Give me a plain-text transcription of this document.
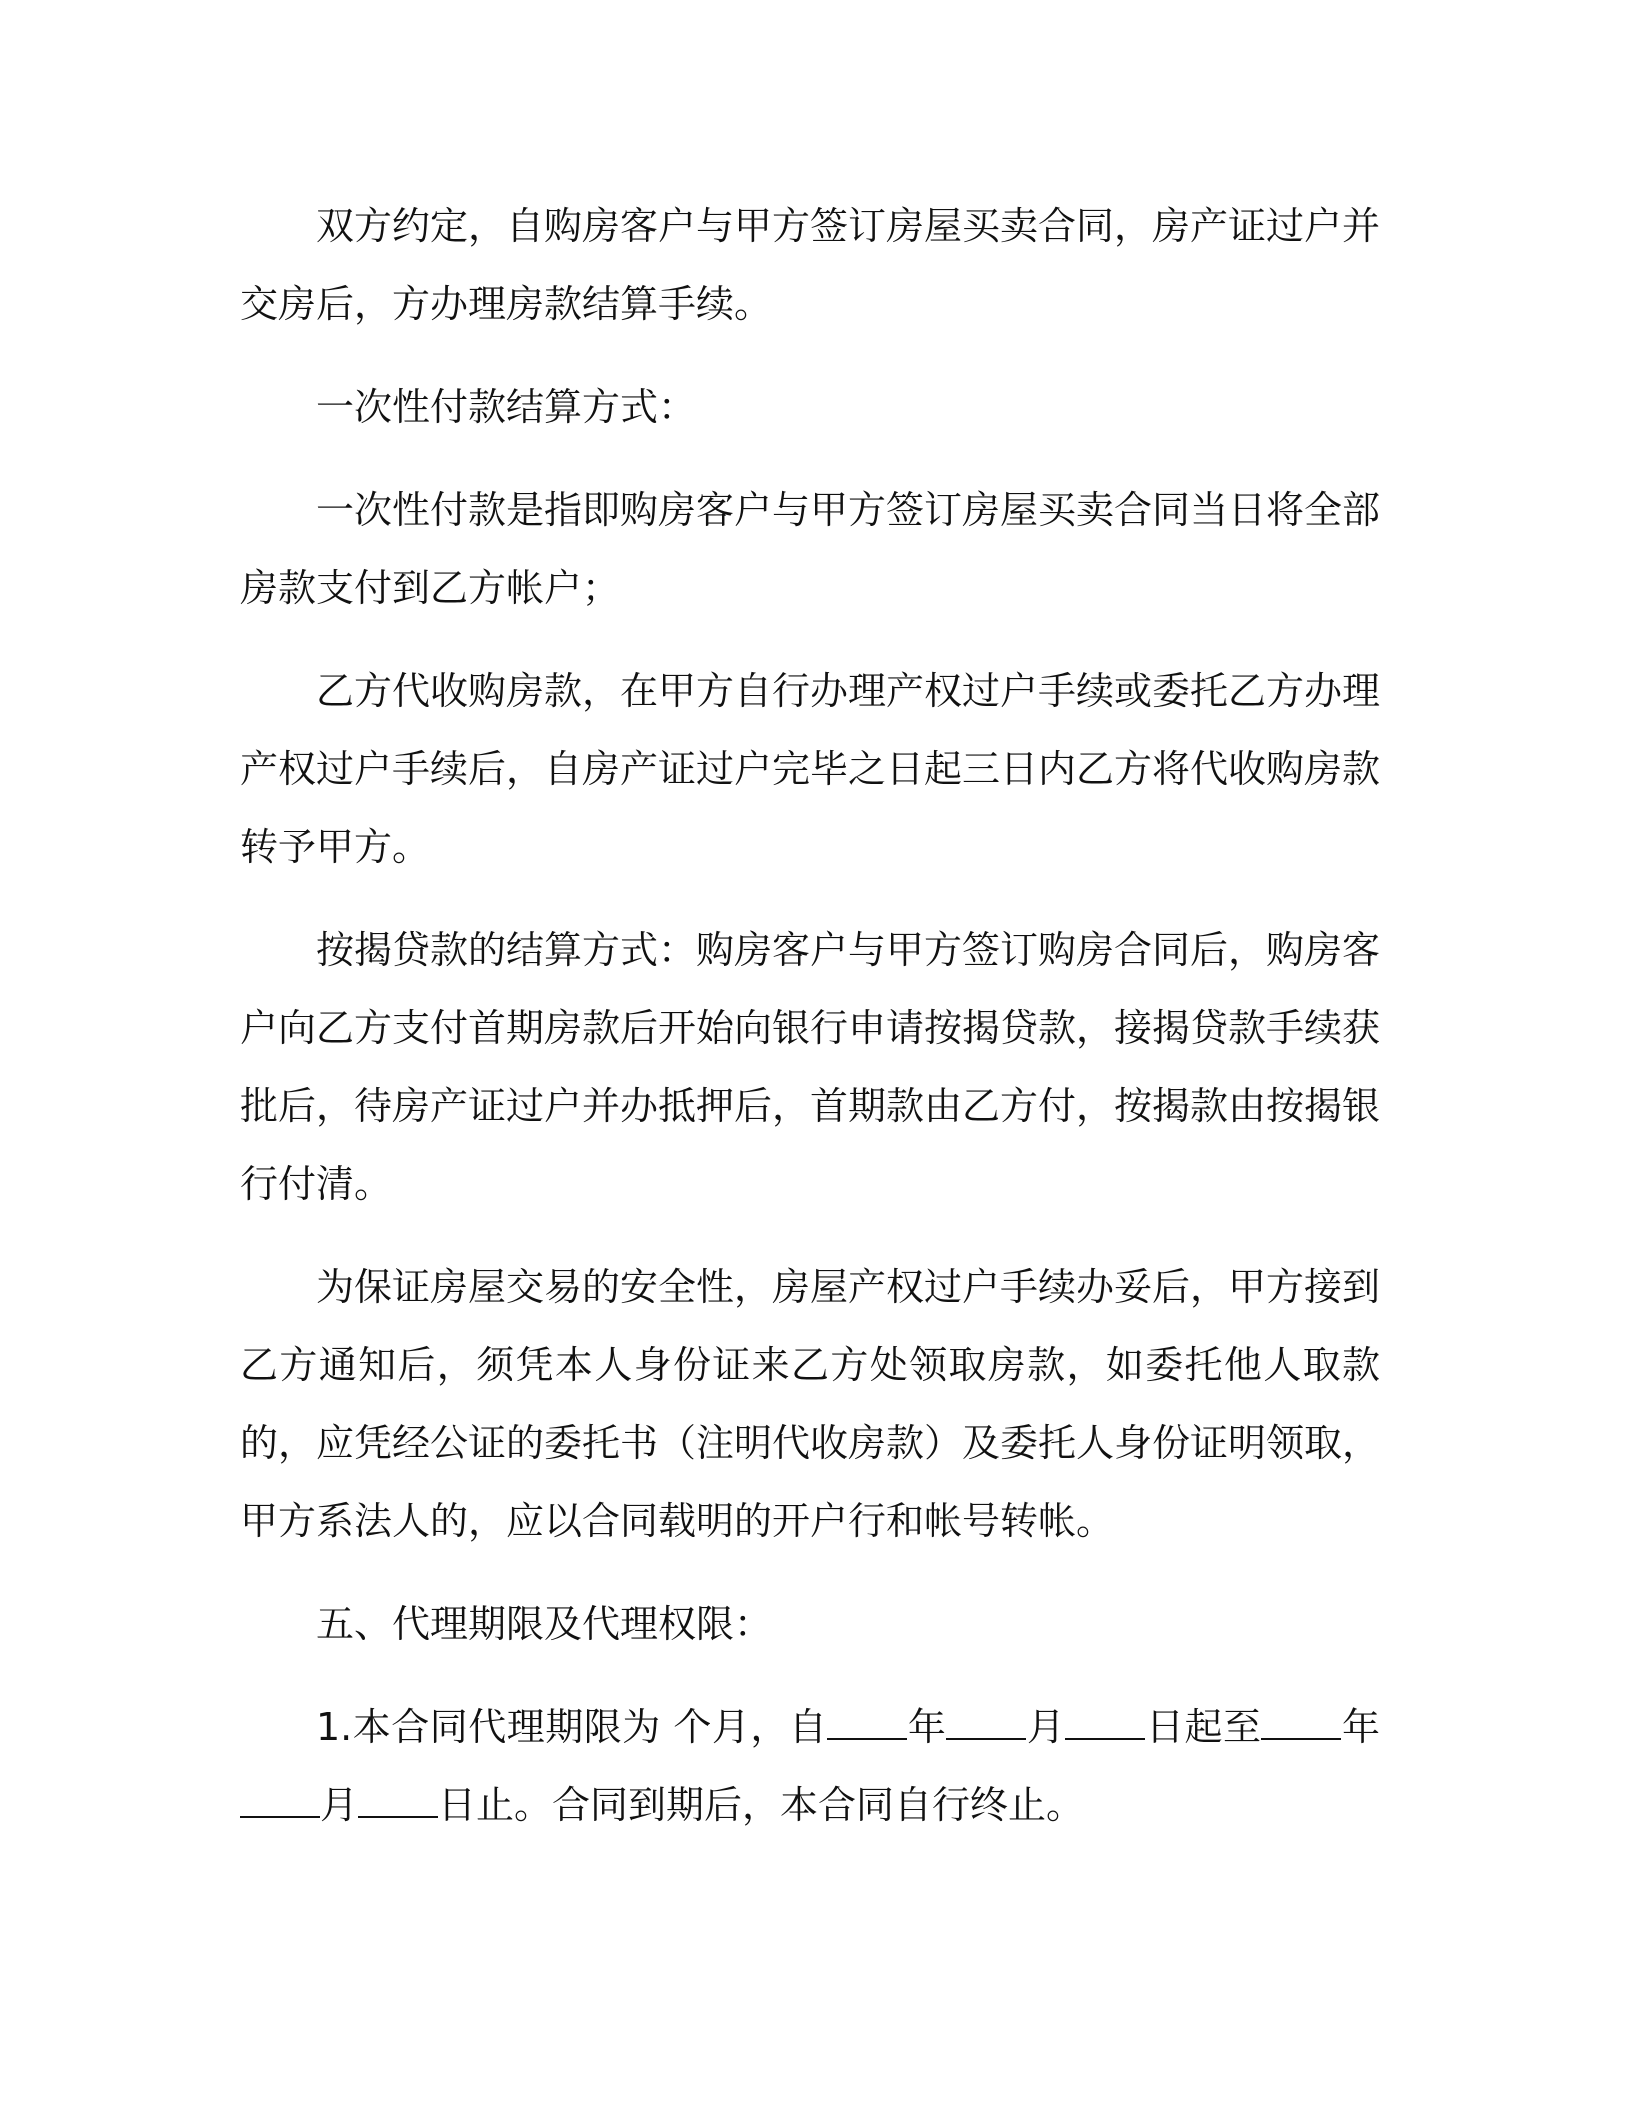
双方约定，自购房客户与甲方签订房屋买卖合同，房产证过户并交房后，方办理房款结算手续。

一次性付款结算方式：

一次性付款是指即购房客户与甲方签订房屋买卖合同当日将全部房款支付到乙方帐户；

乙方代收购房款，在甲方自行办理产权过户手续或委托乙方办理产权过户手续后，自房产证过户完毕之日起三日内乙方将代收购房款转予甲方。

按揭贷款的结算方式：购房客户与甲方签订购房合同后，购房客户向乙方支付首期房款后开始向银行申请按揭贷款，接揭贷款手续获批后，待房产证过户并办抵押后，首期款由乙方付，按揭款由按揭银行付清。

为保证房屋交易的安全性，房屋产权过户手续办妥后，甲方接到乙方通知后，须凭本人身份证来乙方处领取房款，如委托他人取款的，应凭经公证的委托书（注明代收房款）及委托人身份证明领取，甲方系法人的，应以合同载明的开户行和帐号转帐。

五、代理期限及代理权限：

1.本合同代理期限为 个月，自 年 月 日起至 年月 日止。合同到期后，本合同自行终止。
